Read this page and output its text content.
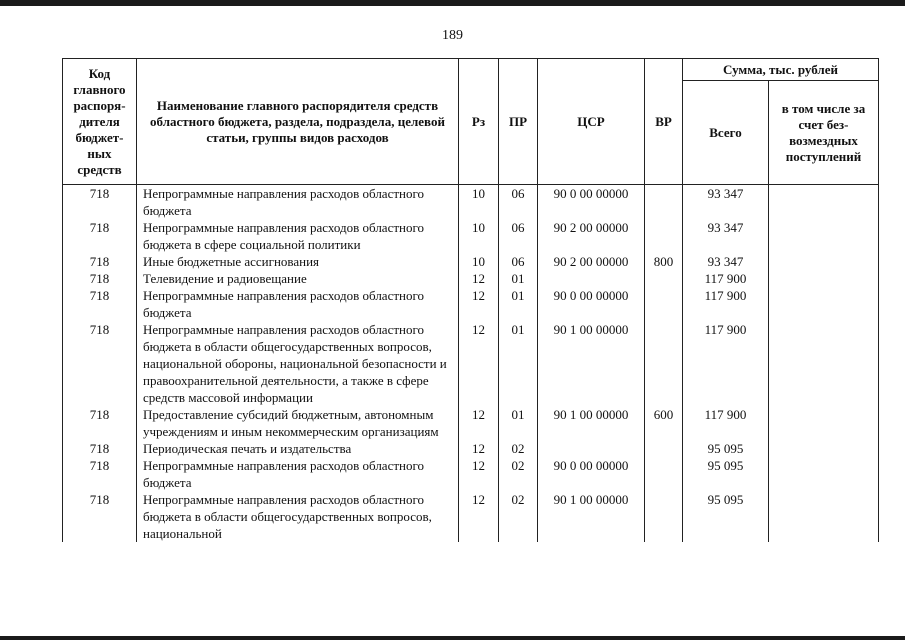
189
Код главного распоря-дителя бюджет-ных средств	Наименование главного распорядителя средств областного бюджета, раздела, подраздела, целевой статьи, группы видов расходов	Рз	ПР	ЦСР	ВР	Сумма, тыс. рублей	
						Всего	в том числе за счет без-возмездных поступлений
718	Непрограммные направления расходов областного бюджета	10	06	90 0 00 00000		93 347	
718	Непрограммные направления расходов областного бюджета в сфере социальной политики	10	06	90 2 00 00000		93 347	
718	Иные бюджетные ассигнования	10	06	90 2 00 00000	800	93 347	
718	Телевидение и радиовещание	12	01			117 900	
718	Непрограммные направления расходов областного бюджета	12	01	90 0 00 00000		117 900	
718	Непрограммные направления расходов областного бюджета в области общегосударственных вопросов, национальной обороны, национальной безопасности и правоохранительной деятельности, а также в сфере средств массовой информации	12	01	90 1 00 00000		117 900	
718	Предоставление субсидий бюджетным, автономным учреждениям и иным некоммерческим организациям	12	01	90 1 00 00000	600	117 900	
718	Периодическая печать и издательства	12	02			95 095	
718	Непрограммные направления расходов областного бюджета	12	02	90 0 00 00000		95 095	
718	Непрограммные направления расходов областного бюджета в области общегосударственных вопросов, национальной	12	02	90 1 00 00000		95 095	
